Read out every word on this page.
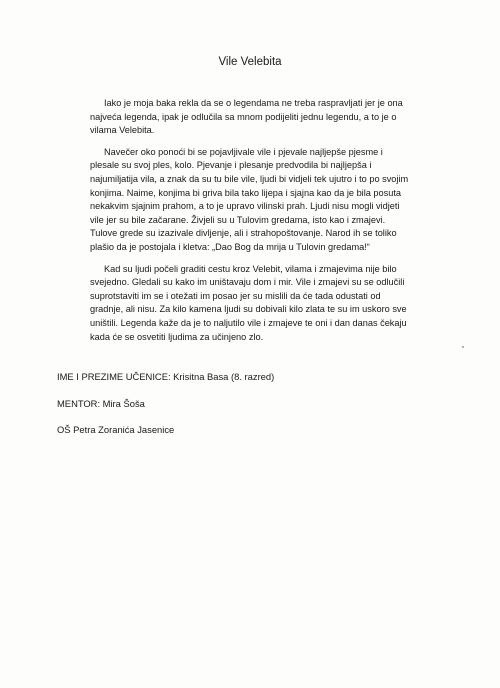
Vile Velebita

Iako je moja baka rekla da se o legendama ne treba raspravljati jer je ona najveća legenda, ipak je odlučila sa mnom podijeliti jednu legendu, a to je o vilama Velebita.

Navečer oko ponoći bi se pojavljivale vile i pjevale najljepše pjesme i plesale su svoj ples, kolo. Pjevanje i plesanje predvodila bi najljepša i najumiljatija vila, a znak da su tu bile vile, ljudi bi vidjeli tek ujutro i to po svojim konjima. Naime, konjima bi griva bila tako lijepa i sjajna kao da je bila posuta nekakvim sjajnim prahom, a to je upravo vilinski prah. Ljudi nisu mogli vidjeti vile jer su bile začarane. Živjeli su u Tulovim gredama, isto kao i zmajevi. Tulove grede su izazivale divljenje, ali i strahopoštovanje. Narod ih se toliko plašio da je postojala i kletva: „Dao Bog da mrija u Tulovin gredama!“

Kad su ljudi počeli graditi cestu kroz Velebit, vilama i zmajevima nije bilo svejedno. Gledali su kako im uništavaju dom i mir. Vile i zmajevi su se odlučili suprotstaviti im se i otežati im posao jer su mislili da će tada odustati od gradnje, ali nisu. Za kilo kamena ljudi su dobivali kilo zlata te su im uskoro sve uništili. Legenda kaže da je to naljutilo vile i zmajeve te oni i dan danas čekaju kada će se osvetiti ljudima za učinjeno zlo.

IME I PREZIME UČENICE: Krisitna Basa (8. razred)
MENTOR: Mira Šoša
OŠ Petra Zoranića Jasenice
